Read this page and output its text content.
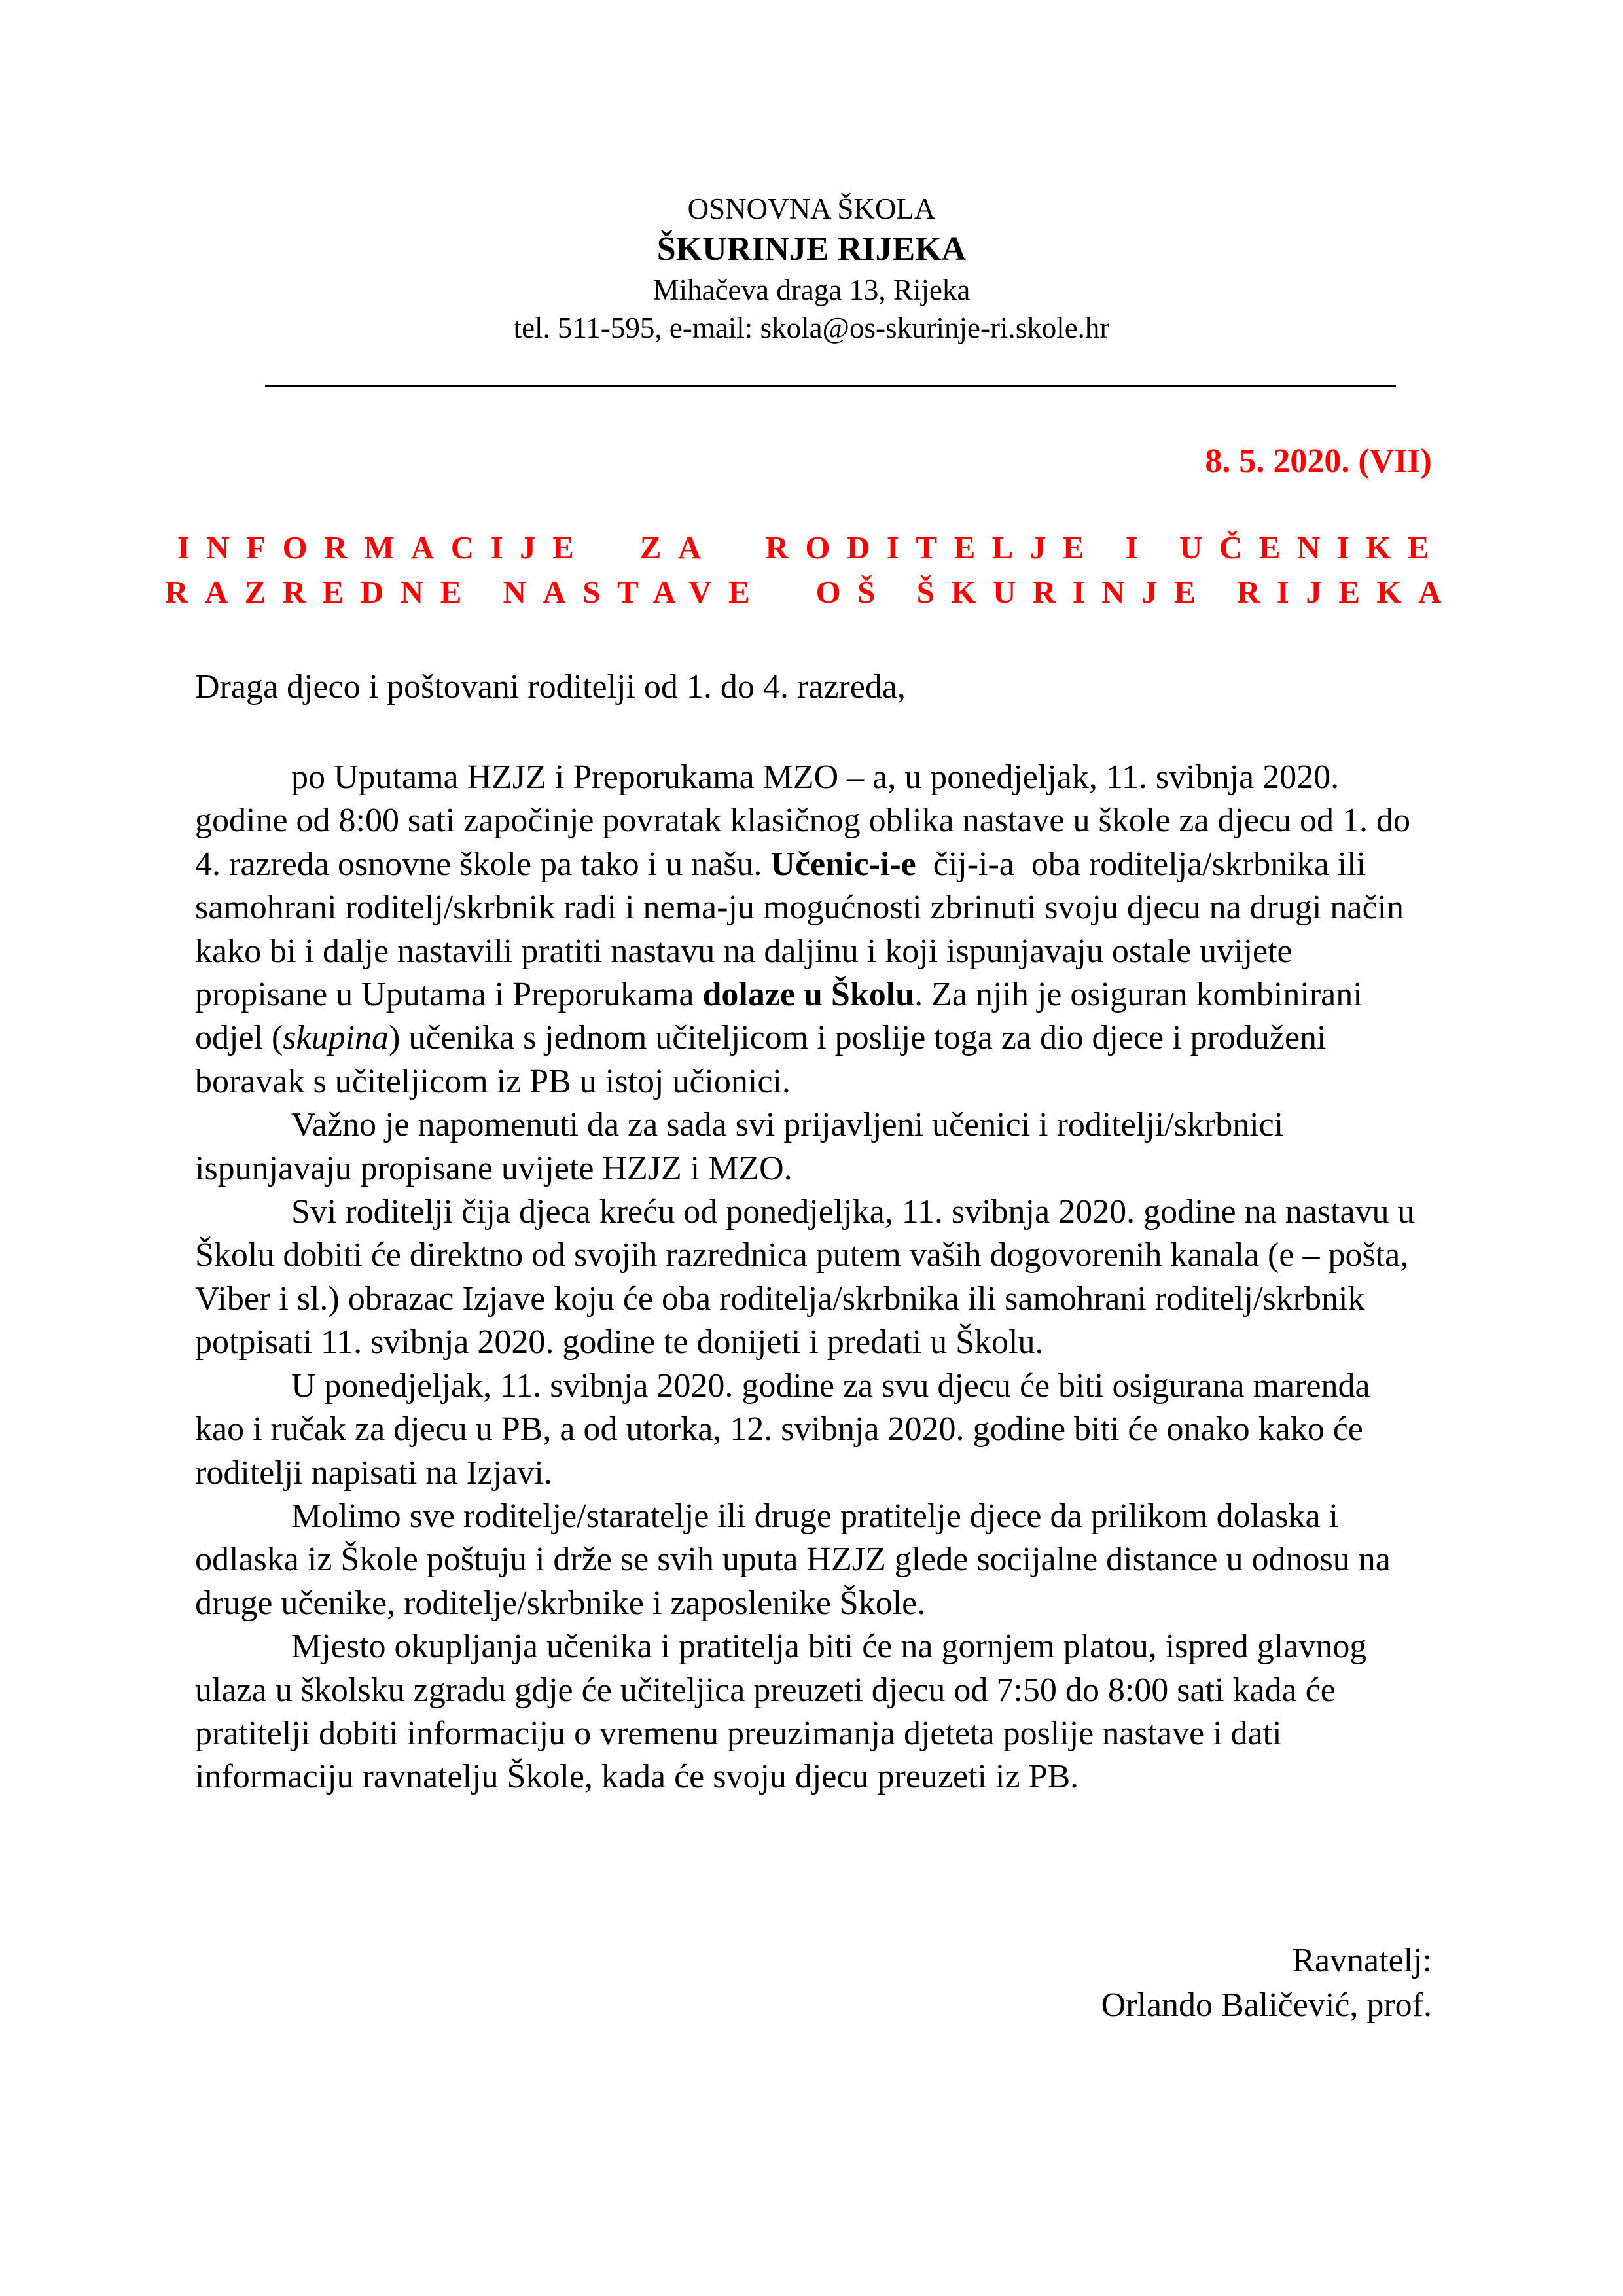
OSNOVNA ŠKOLA
ŠKURINJE RIJEKA
Mihačeva draga 13, Rijeka
tel. 511-595, e-mail: skola@os-skurinje-ri.skole.hr
8. 5. 2020. (VII)
INFORMACIJE  ZA  RODITELJE I UČENIKE
RAZREDNE NASTAVE  OŠ ŠKURINJE RIJEKA
Draga djeco i poštovani roditelji od 1. do 4. razreda,

po Uputama HZJZ i Preporukama MZO – a, u ponedjeljak, 11. svibnja 2020. godine od 8:00 sati započinje povratak klasičnog oblika nastave u škole za djecu od 1. do 4. razreda osnovne škole pa tako i u našu. Učenic-i-e  čij-i-a  oba roditelja/skrbnika ili samohrani roditelj/skrbnik radi i nema-ju mogućnosti zbrinuti svoju djecu na drugi način kako bi i dalje nastavili pratiti nastavu na daljinu i koji ispunjavaju ostale uvijete propisane u Uputama i Preporukama dolaze u Školu. Za njih je osiguran kombinirani odjel (skupina) učenika s jednom učiteljicom i poslije toga za dio djece i produženi boravak s učiteljicom iz PB u istoj učionici.

Važno je napomenuti da za sada svi prijavljeni učenici i roditelji/skrbnici ispunjavaju propisane uvijete HZJZ i MZO.

Svi roditelji čija djeca kreću od ponedjeljka, 11. svibnja 2020. godine na nastavu u Školu dobiti će direktno od svojih razrednica putem vaših dogovorenih kanala (e – pošta, Viber i sl.) obrazac Izjave koju će oba roditelja/skrbnika ili samohrani roditelj/skrbnik potpisati 11. svibnja 2020. godine te donijeti i predati u Školu.

U ponedjeljak, 11. svibnja 2020. godine za svu djecu će biti osigurana marenda kao i ručak za djecu u PB, a od utorka, 12. svibnja 2020. godine biti će onako kako će roditelji napisati na Izjavi.

Molimo sve roditelje/staratelje ili druge pratitelje djece da prilikom dolaska i odlaska iz Škole poštuju i drže se svih uputa HZJZ glede socijalne distance u odnosu na druge učenike, roditelje/skrbnike i zaposlenike Škole.

Mjesto okupljanja učenika i pratitelja biti će na gornjem platou, ispred glavnog ulaza u školsku zgradu gdje će učiteljica preuzeti djecu od 7:50 do 8:00 sati kada će pratitelji dobiti informaciju o vremenu preuzimanja djeteta poslije nastave i dati informaciju ravnatelju Škole, kada će svoju djecu preuzeti iz PB.

Ravnatelj:
Orlando Baličević, prof.
